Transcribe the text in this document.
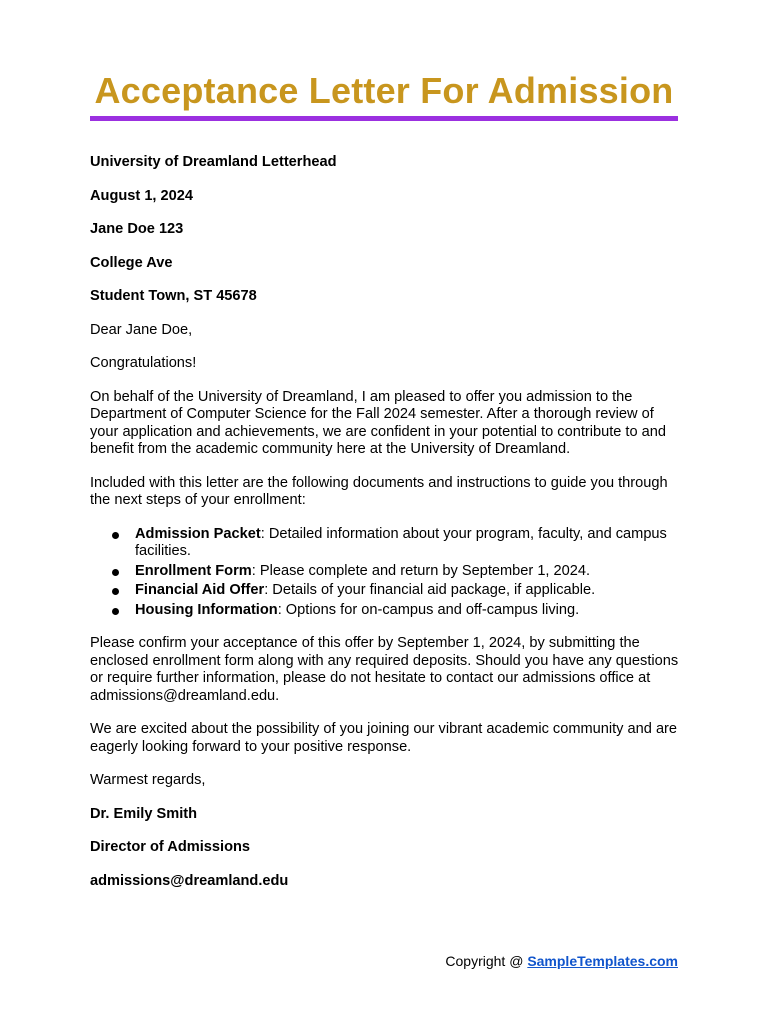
Acceptance Letter For Admission

University of Dreamland Letterhead

August 1, 2024

Jane Doe 123

College Ave

Student Town, ST 45678

Dear Jane Doe,

Congratulations!

On behalf of the University of Dreamland, I am pleased to offer you admission to the Department of Computer Science for the Fall 2024 semester. After a thorough review of your application and achievements, we are confident in your potential to contribute to and benefit from the academic community here at the University of Dreamland.

Included with this letter are the following documents and instructions to guide you through the next steps of your enrollment:

Admission Packet: Detailed information about your program, faculty, and campus facilities.
Enrollment Form: Please complete and return by September 1, 2024.
Financial Aid Offer: Details of your financial aid package, if applicable.
Housing Information: Options for on-campus and off-campus living.

Please confirm your acceptance of this offer by September 1, 2024, by submitting the enclosed enrollment form along with any required deposits. Should you have any questions or require further information, please do not hesitate to contact our admissions office at admissions@dreamland.edu.

We are excited about the possibility of you joining our vibrant academic community and are eagerly looking forward to your positive response.

Warmest regards,

Dr. Emily Smith

Director of Admissions

admissions@dreamland.edu

Copyright @ SampleTemplates.com
